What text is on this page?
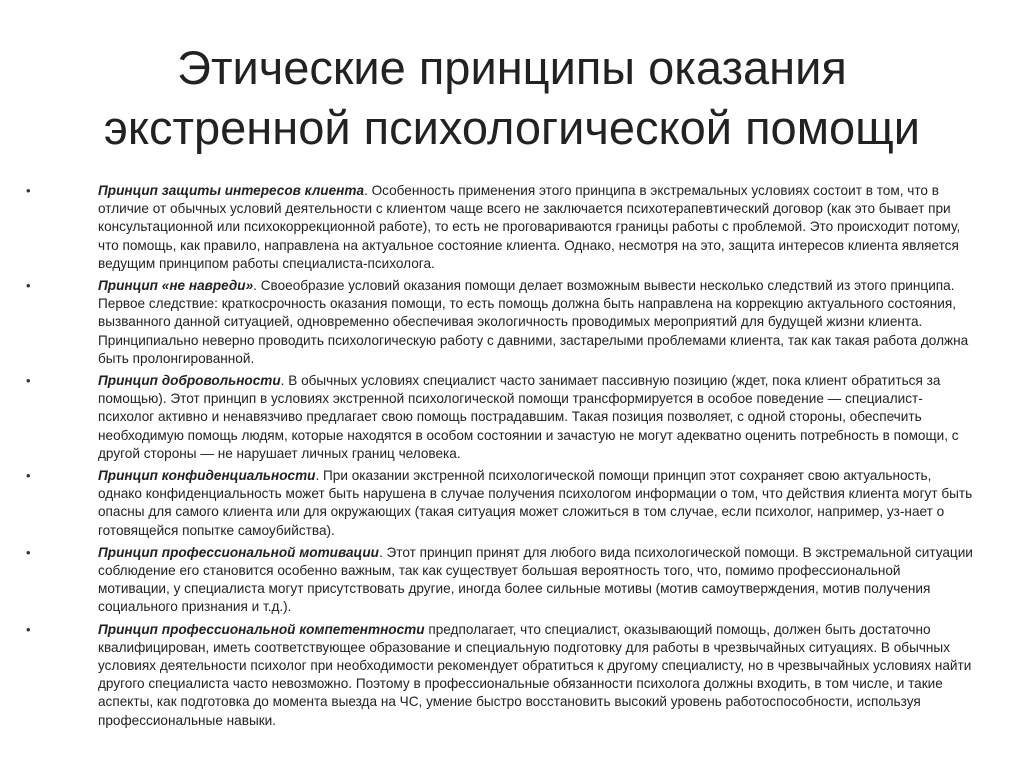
Этические принципы оказания
экстренной психологической помощи
•	Принцип защиты интересов клиента. Особенность применения этого принципа в экстремальных условиях состоит в том, что в отличие от обычных условий деятельности с клиентом чаще всего не заключается психотерапевтический договор (как это бывает при консультационной или психокоррекционной работе), то есть не проговариваются границы работы с проблемой. Это происходит потому, что помощь, как правило, направлена на актуальное состояние клиента. Однако, несмотря на это, защита интересов клиента является ведущим принципом работы специалиста-психолога.
•	Принцип «не навреди». Своеобразие условий оказания помощи делает возможным вывести несколько следствий из этого принципа. Первое следствие: краткосрочность оказания помощи, то есть помощь должна быть направлена на коррекцию актуального состояния, вызванного данной ситуацией, одновременно обеспечивая экологичность проводимых мероприятий для будущей жизни клиента. Принципиально неверно проводить психологическую работу с давними, застарелыми проблемами клиента, так как такая работа должна быть пролонгированной.
•	Принцип добровольности. В обычных условиях специалист часто занимает пассивную позицию (ждет, пока клиент обратиться за помощью). Этот принцип в условиях экстренной психологической помощи трансформируется в особое поведение — специалист-психолог активно и ненавязчиво предлагает свою помощь пострадавшим. Такая позиция позволяет, с одной стороны, обеспечить необходимую помощь людям, которые находятся в особом состоянии и зачастую не могут адекватно оценить потребность в помощи, с другой стороны — не нарушает личных границ человека.
•	Принцип конфиденциальности. При оказании экстренной психологической помощи принцип этот сохраняет свою актуальность, однако конфиденциальность может быть нарушена в случае получения психологом информации о том, что действия клиента могут быть опасны для самого клиента или для окружающих (такая ситуация может сложиться в том случае, если психолог, например, уз-нает о готовящейся попытке самоубийства).
•	Принцип профессиональной мотивации. Этот принцип принят для любого вида психологической помощи. В экстремальной ситуации соблюдение его становится особенно важным, так как существует большая вероятность того, что, помимо профессиональной мотивации, у специалиста могут присутствовать другие, иногда более сильные мотивы (мотив самоутверждения, мотив получения социального признания и т.д.).
•	Принцип профессиональной компетентности предполагает, что специалист, оказывающий помощь, должен быть достаточно квалифицирован, иметь соответствующее образование и специальную подготовку для работы в чрезвычайных ситуациях. В обычных условиях деятельности психолог при необходимости рекомендует обратиться к другому специалисту, но в чрезвычайных условиях найти другого специалиста часто невозможно. Поэтому в профессиональные обязанности психолога должны входить, в том числе, и такие аспекты, как подготовка до момента выезда на ЧС, умение быстро восстановить высокий уровень работоспособности, используя профессиональные навыки.
